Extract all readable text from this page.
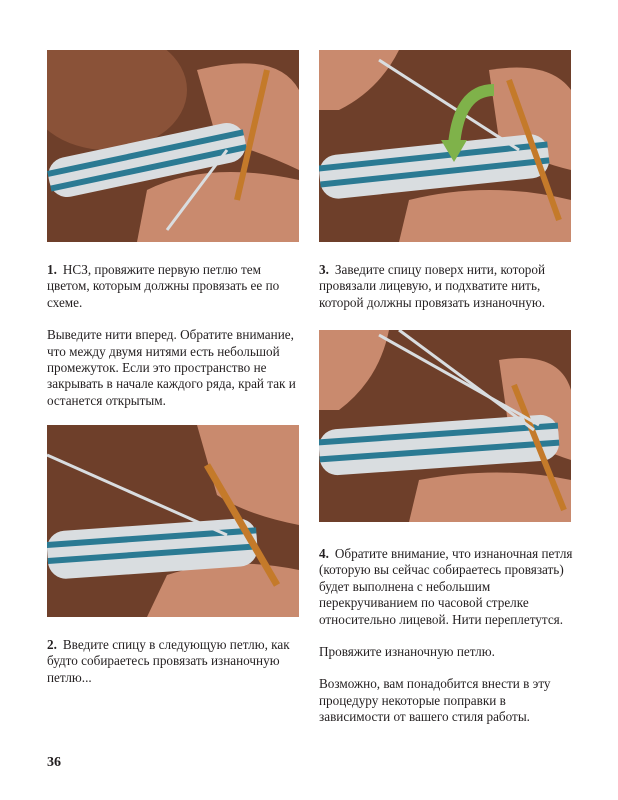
1. НСЗ, провяжите первую петлю тем цветом, которым должны провязать ее по схеме.

Выведите нити вперед. Обратите внимание, что между двумя нитями есть небольшой промежуток. Если это пространство не закрывать в начале каждого ряда, край так и останется открытым.

2. Введите спицу в следующую петлю, как будто собираетесь провязать изнаночную петлю...

3. Заведите спицу поверх нити, которой провязали лицевую, и подхватите нить, которой должны провязать изнаночную.

4. Обратите внимание, что изнаночная петля (которую вы сейчас собираетесь провязать) будет выполнена с небольшим перекручиванием по часовой стрелке относительно лицевой. Нити переплетутся.

Провяжите изнаночную петлю.

Возможно, вам понадобится внести в эту процедуру некоторые поправки в зависимости от вашего стиля работы.

36
